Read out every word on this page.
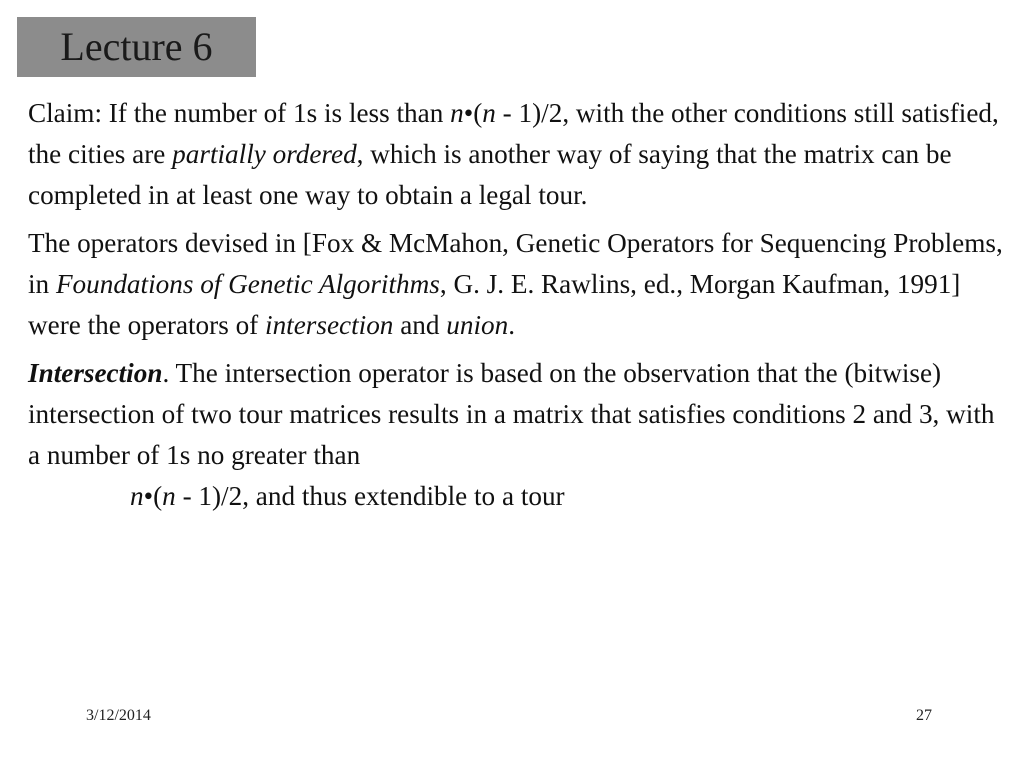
Lecture 6

Claim: If the number of 1s is less than n•(n - 1)/2, with the other conditions still satisfied, the cities are partially ordered, which is another way of saying that the matrix can be completed in at least one way to obtain a legal tour.

The operators devised in [Fox & McMahon, Genetic Operators for Sequencing Problems, in Foundations of Genetic Algorithms, G. J. E. Rawlins, ed., Morgan Kaufman, 1991] were the operators of intersection and union.

Intersection. The intersection operator is based on the observation that the (bitwise) intersection of two tour matrices results in a matrix that satisfies conditions 2 and 3, with a number of 1s no greater than
n•(n - 1)/2, and thus extendible to a tour

3/12/2014	27
